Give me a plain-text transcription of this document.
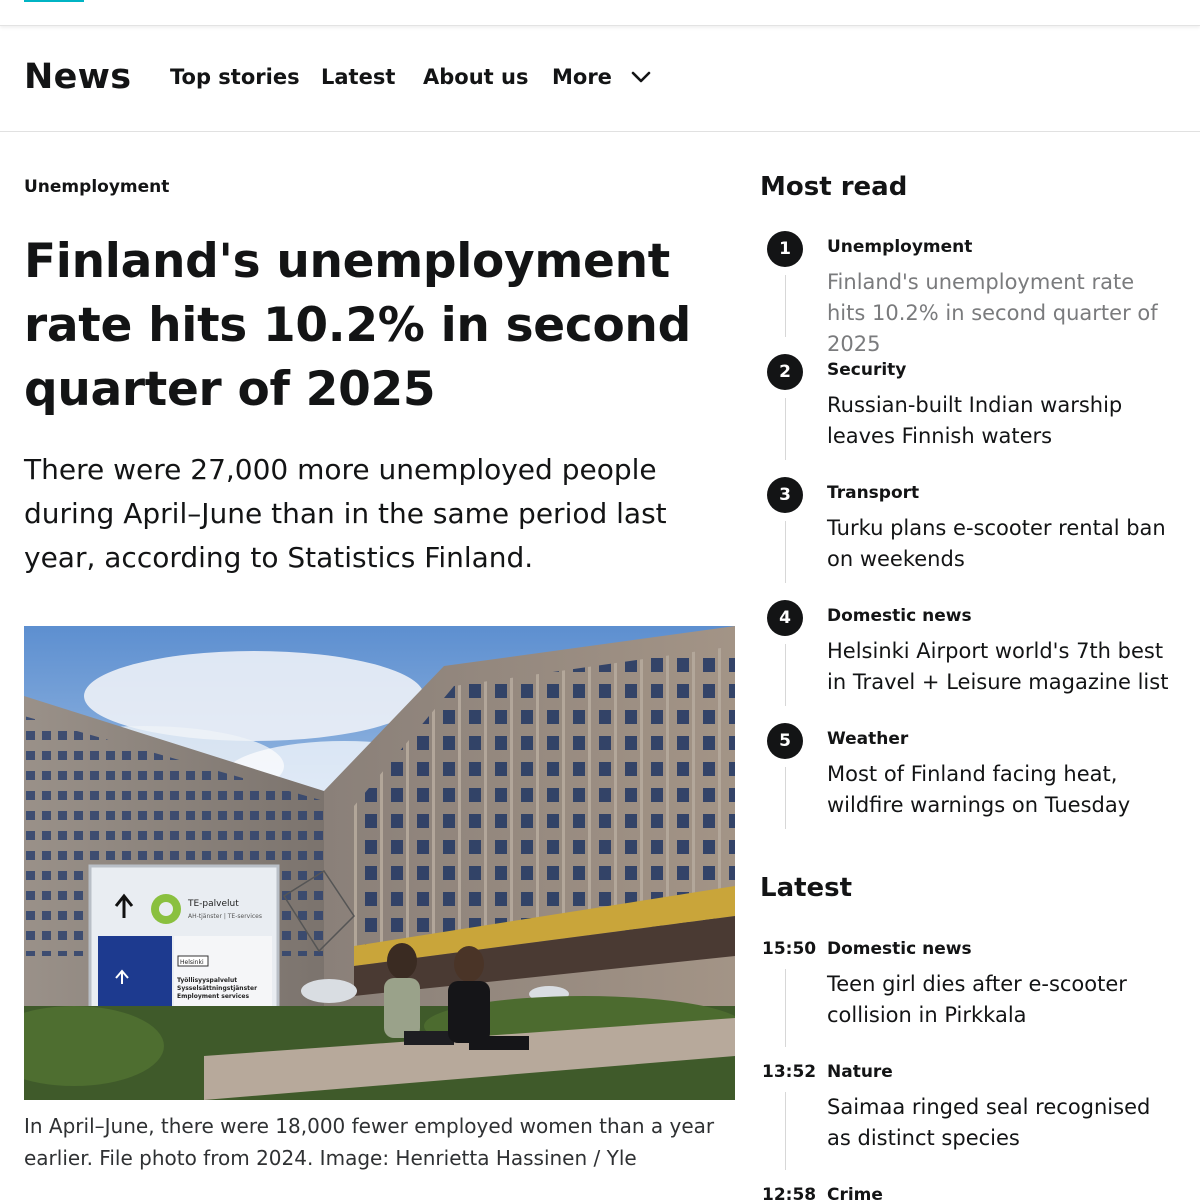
News Top stories Latest About us More
Unemployment
Finland's unemployment rate hits 10.2% in second quarter of 2025

There were 27,000 more unemployed people during April–June than in the same period last year, according to Statistics Finland.

TE-palvelut
AH-tjänster | TE-services
Helsinki
Työllisyyspalvelut
Sysselsättningstjänster
Employment services

In April–June, there were 18,000 fewer employed women than a year earlier. File photo from 2024. Image: Henrietta Hassinen / Yle

Most read
1	Unemployment
Finland's unemployment rate hits 10.2% in second quarter of 2025
2	Security
Russian-built Indian warship leaves Finnish waters
3	Transport
Turku plans e-scooter rental ban on weekends
4	Domestic news
Helsinki Airport world's 7th best in Travel + Leisure magazine list
5	Weather
Most of Finland facing heat, wildfire warnings on Tuesday
Latest
15:50 Domestic news
Teen girl dies after e-scooter collision in Pirkkala
13:52 Nature
Saimaa ringed seal recognised as distinct species
12:58 Crime
